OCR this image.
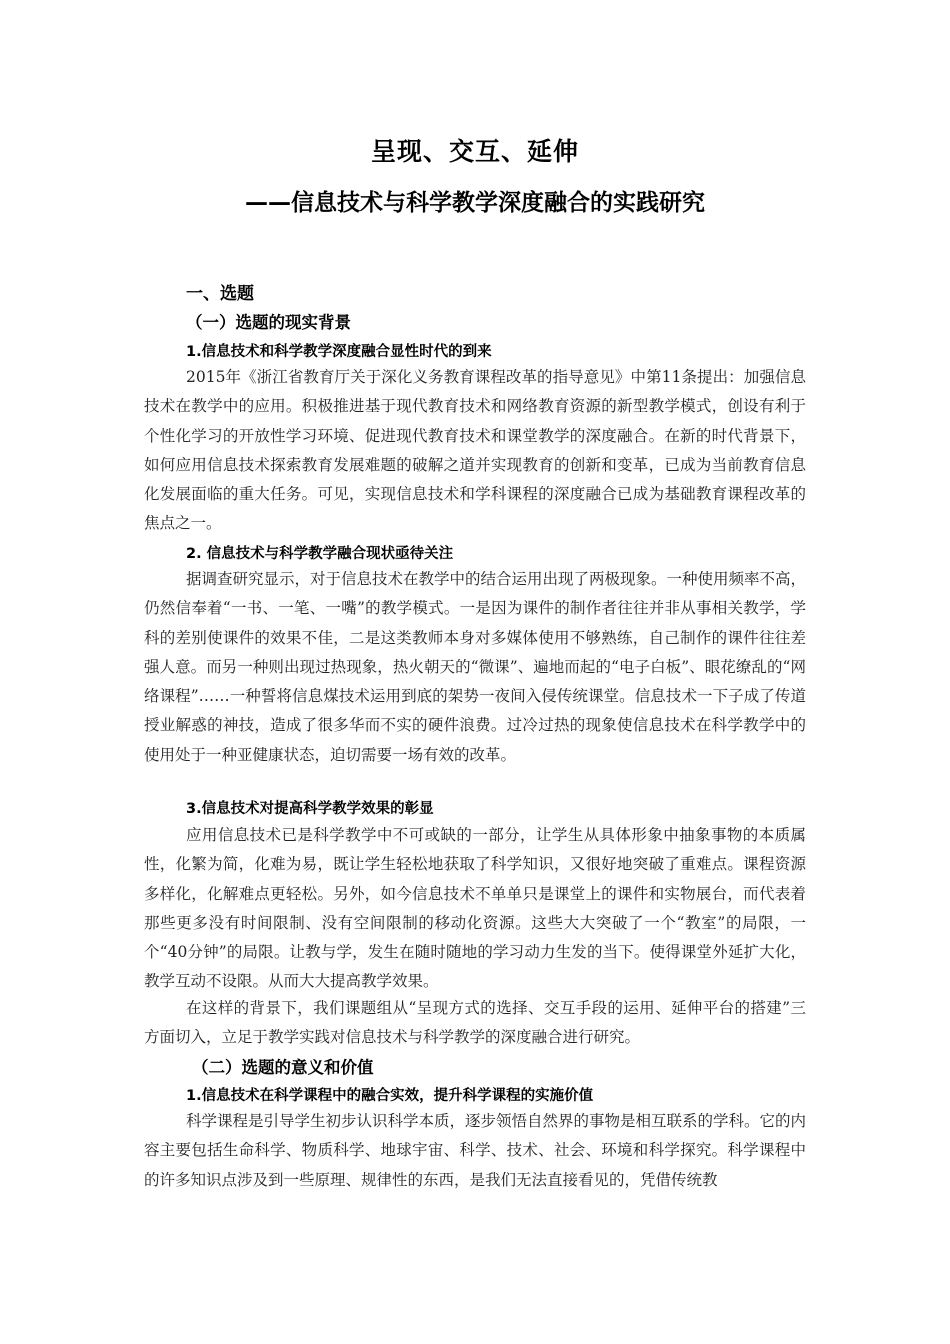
呈现、交互、延伸
——信息技术与科学教学深度融合的实践研究
一、选题
（一）选题的现实背景
1.信息技术和科学教学深度融合显性时代的到来

2015年《浙江省教育厅关于深化义务教育课程改革的指导意见》中第11条提出：加强信息技术在教学中的应用。积极推进基于现代教育技术和网络教育资源的新型教学模式，创设有利于个性化学习的开放性学习环境、促进现代教育技术和课堂教学的深度融合。在新的时代背景下，如何应用信息技术探索教育发展难题的破解之道并实现教育的创新和变革，已成为当前教育信息化发展面临的重大任务。可见，实现信息技术和学科课程的深度融合已成为基础教育课程改革的焦点之一。

2. 信息技术与科学教学融合现状亟待关注

据调查研究显示，对于信息技术在教学中的结合运用出现了两极现象。一种使用频率不高，仍然信奉着“一书、一笔、一嘴”的教学模式。一是因为课件的制作者往往并非从事相关教学，学科的差别使课件的效果不佳，二是这类教师本身对多媒体使用不够熟练，自己制作的课件往往差强人意。而另一种则出现过热现象，热火朝天的“微课”、遍地而起的“电子白板”、眼花缭乱的“网络课程”……一种誓将信息煤技术运用到底的架势一夜间入侵传统课堂。信息技术一下子成了传道授业解惑的神技，造成了很多华而不实的硬件浪费。过冷过热的现象使信息技术在科学教学中的使用处于一种亚健康状态，迫切需要一场有效的改革。

3.信息技术对提高科学教学效果的彰显

应用信息技术已是科学教学中不可或缺的一部分，让学生从具体形象中抽象事物的本质属性，化繁为简，化难为易，既让学生轻松地获取了科学知识，又很好地突破了重难点。课程资源多样化，化解难点更轻松。另外，如今信息技术不单单只是课堂上的课件和实物展台，而代表着那些更多没有时间限制、没有空间限制的移动化资源。这些大大突破了一个“教室”的局限，一个“40分钟”的局限。让教与学，发生在随时随地的学习动力生发的当下。使得课堂外延扩大化，教学互动不设限。从而大大提高教学效果。

在这样的背景下，我们课题组从“呈现方式的选择、交互手段的运用、延伸平台的搭建”三方面切入，立足于教学实践对信息技术与科学教学的深度融合进行研究。

（二）选题的意义和价值
1.信息技术在科学课程中的融合实效，提升科学课程的实施价值

科学课程是引导学生初步认识科学本质，逐步领悟自然界的事物是相互联系的学科。它的内容主要包括生命科学、物质科学、地球宇宙、科学、技术、社会、环境和科学探究。科学课程中的许多知识点涉及到一些原理、规律性的东西，是我们无法直接看见的，凭借传统教
